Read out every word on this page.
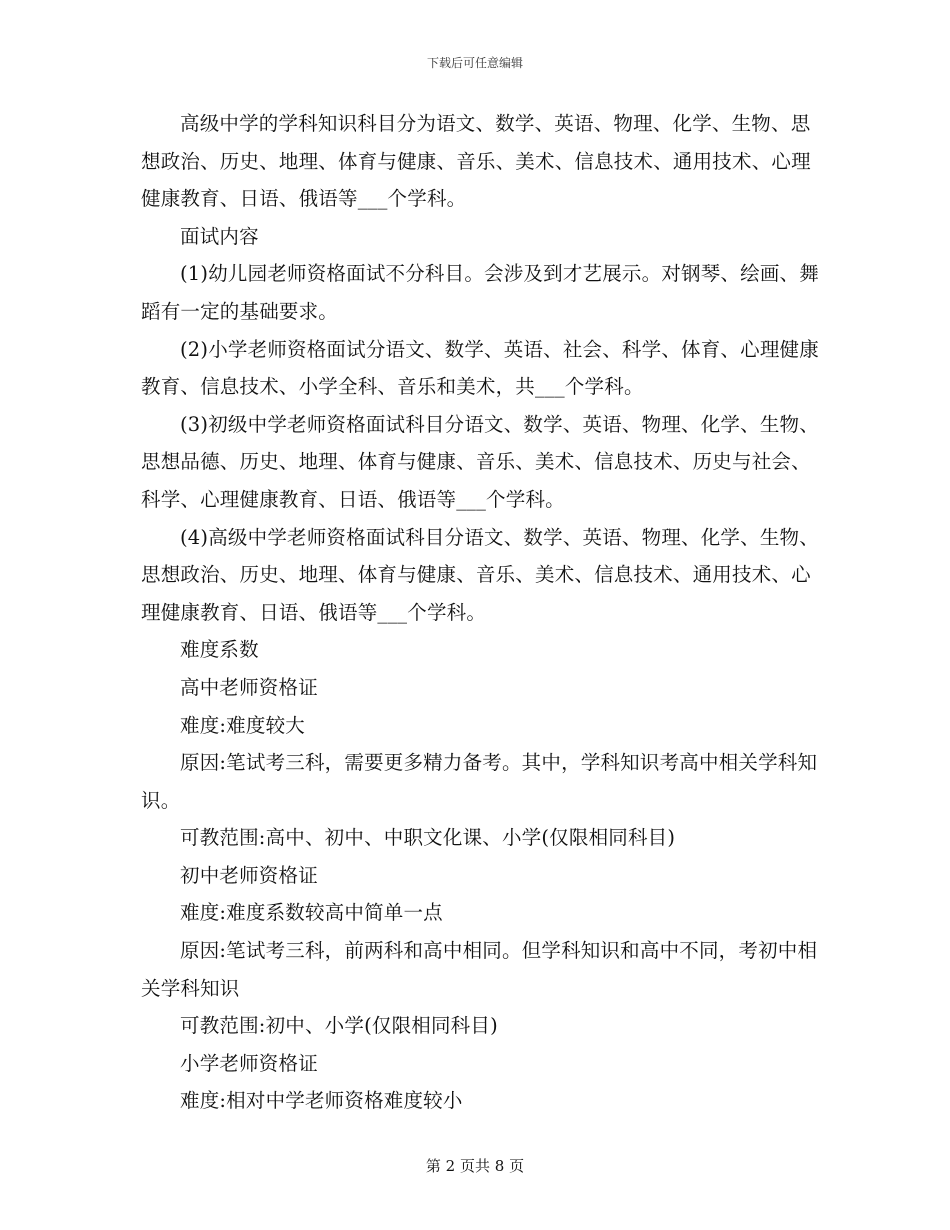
下载后可任意编辑

高级中学的学科知识科目分为语文、数学、英语、物理、化学、生物、思想政治、历史、地理、体育与健康、音乐、美术、信息技术、通用技术、心理健康教育、日语、俄语等___个学科。

面试内容

(1)幼儿园老师资格面试不分科目。会涉及到才艺展示。对钢琴、绘画、舞蹈有一定的基础要求。

(2)小学老师资格面试分语文、数学、英语、社会、科学、体育、心理健康教育、信息技术、小学全科、音乐和美术，共___个学科。

(3)初级中学老师资格面试科目分语文、数学、英语、物理、化学、生物、思想品德、历史、地理、体育与健康、音乐、美术、信息技术、历史与社会、科学、心理健康教育、日语、俄语等___个学科。

(4)高级中学老师资格面试科目分语文、数学、英语、物理、化学、生物、思想政治、历史、地理、体育与健康、音乐、美术、信息技术、通用技术、心理健康教育、日语、俄语等___个学科。

难度系数

高中老师资格证

难度:难度较大

原因:笔试考三科，需要更多精力备考。其中，学科知识考高中相关学科知识。

可教范围:高中、初中、中职文化课、小学(仅限相同科目)

初中老师资格证

难度:难度系数较高中简单一点

原因:笔试考三科，前两科和高中相同。但学科知识和高中不同，考初中相关学科知识

可教范围:初中、小学(仅限相同科目)

小学老师资格证

难度:相对中学老师资格难度较小

第 2 页共 8 页
